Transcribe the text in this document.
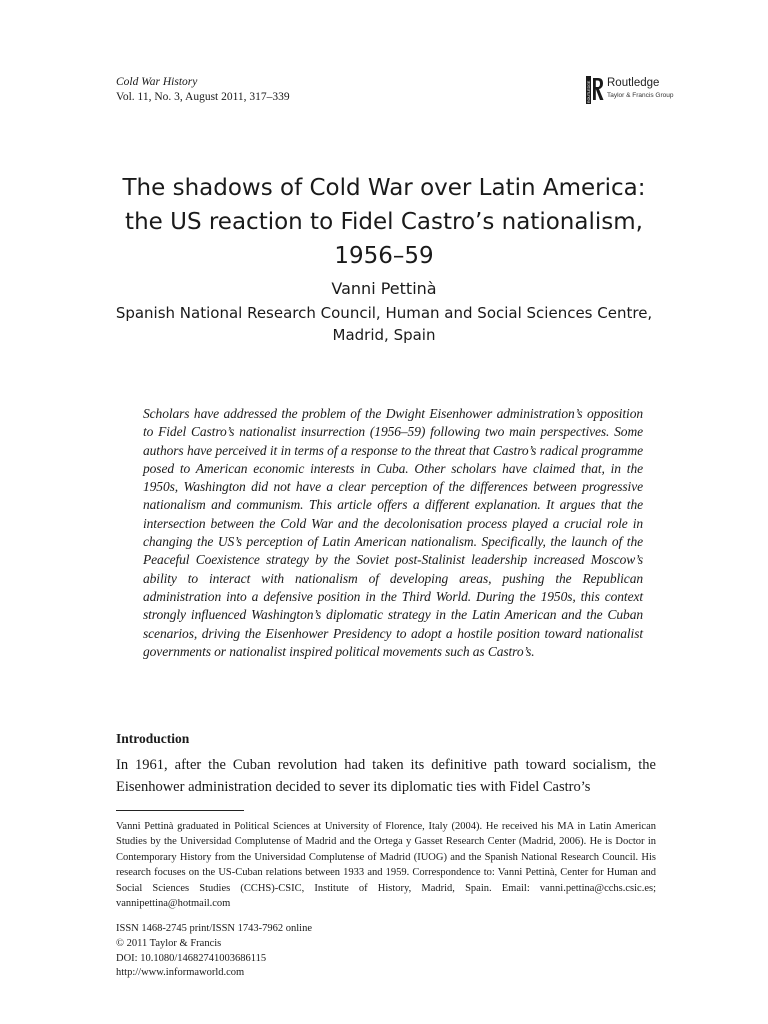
Cold War History
Vol. 11, No. 3, August 2011, 317–339	ROUTLEDGE Routledge
Taylor & Francis Group
The shadows of Cold War over Latin America: the US reaction to Fidel Castro’s nationalism, 1956–59
Vanni Pettinà
Spanish National Research Council, Human and Social Sciences Centre, Madrid, Spain

Scholars have addressed the problem of the Dwight Eisenhower administration’s opposition to Fidel Castro’s nationalist insurrection (1956–59) following two main perspectives. Some authors have perceived it in terms of a response to the threat that Castro’s radical programme posed to American economic interests in Cuba. Other scholars have claimed that, in the 1950s, Washington did not have a clear perception of the differences between progressive nationalism and communism. This article offers a different explanation. It argues that the intersection between the Cold War and the decolonisation process played a crucial role in changing the US’s perception of Latin American nationalism. Specifically, the launch of the Peaceful Coexistence strategy by the Soviet post-Stalinist leadership increased Moscow’s ability to interact with nationalism of developing areas, pushing the Republican administration into a defensive position in the Third World. During the 1950s, this context strongly influenced Washington’s diplomatic strategy in the Latin American and the Cuban scenarios, driving the Eisenhower Presidency to adopt a hostile position toward nationalist governments or nationalist inspired political movements such as Castro’s.

Introduction

In 1961, after the Cuban revolution had taken its definitive path toward socialism, the Eisenhower administration decided to sever its diplomatic ties with Fidel Castro’s

Vanni Pettinà graduated in Political Sciences at University of Florence, Italy (2004). He received his MA in Latin American Studies by the Universidad Complutense of Madrid and the Ortega y Gasset Research Center (Madrid, 2006). He is Doctor in Contemporary History from the Universidad Complutense of Madrid (IUOG) and the Spanish National Research Council. His research focuses on the US-Cuban relations between 1933 and 1959. Correspondence to: Vanni Pettinà, Center for Human and Social Sciences Studies (CCHS)-CSIC, Institute of History, Madrid, Spain. Email: vanni.pettina@cchs.csic.es; vannipettina@hotmail.com

ISSN 1468-2745 print/ISSN 1743-7962 online
© 2011 Taylor & Francis
DOI: 10.1080/14682741003686115
http://www.informaworld.com
